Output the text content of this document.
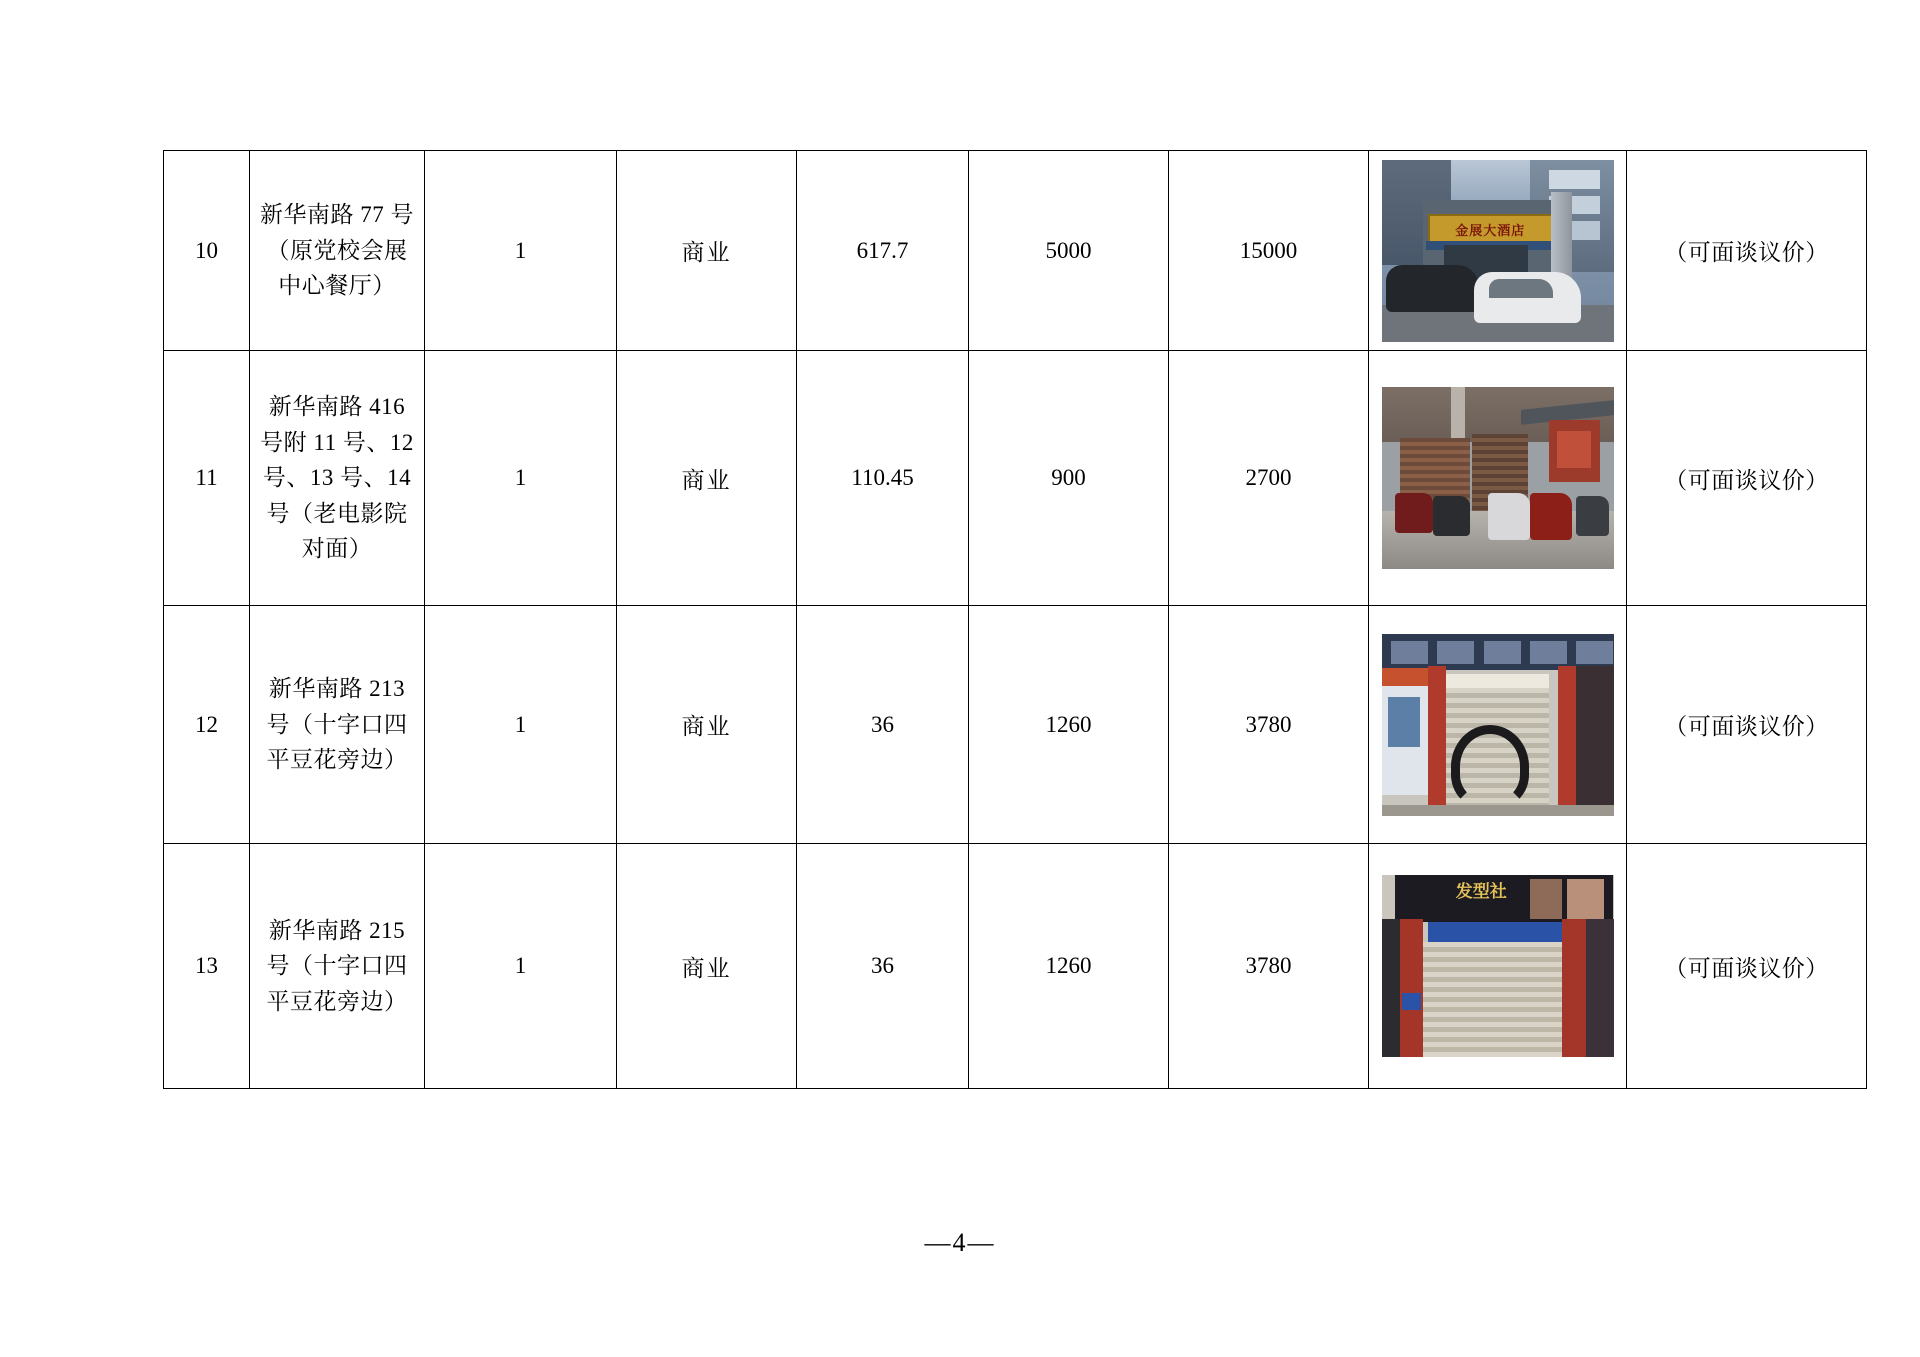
10	新华南路 77 号（原党校会展中心餐厅）	1	商业	617.7	5000	15000	金展大酒店	（可面谈议价）
11	新华南路 416 号附 11 号、12 号、13 号、14 号（老电影院对面）	1	商业	110.45	900	2700		（可面谈议价）
12	新华南路 213 号（十字口四平豆花旁边）	1	商业	36	1260	3780		（可面谈议价）
13	新华南路 215 号（十字口四平豆花旁边）	1	商业	36	1260	3780	发型社	（可面谈议价）
—4—
